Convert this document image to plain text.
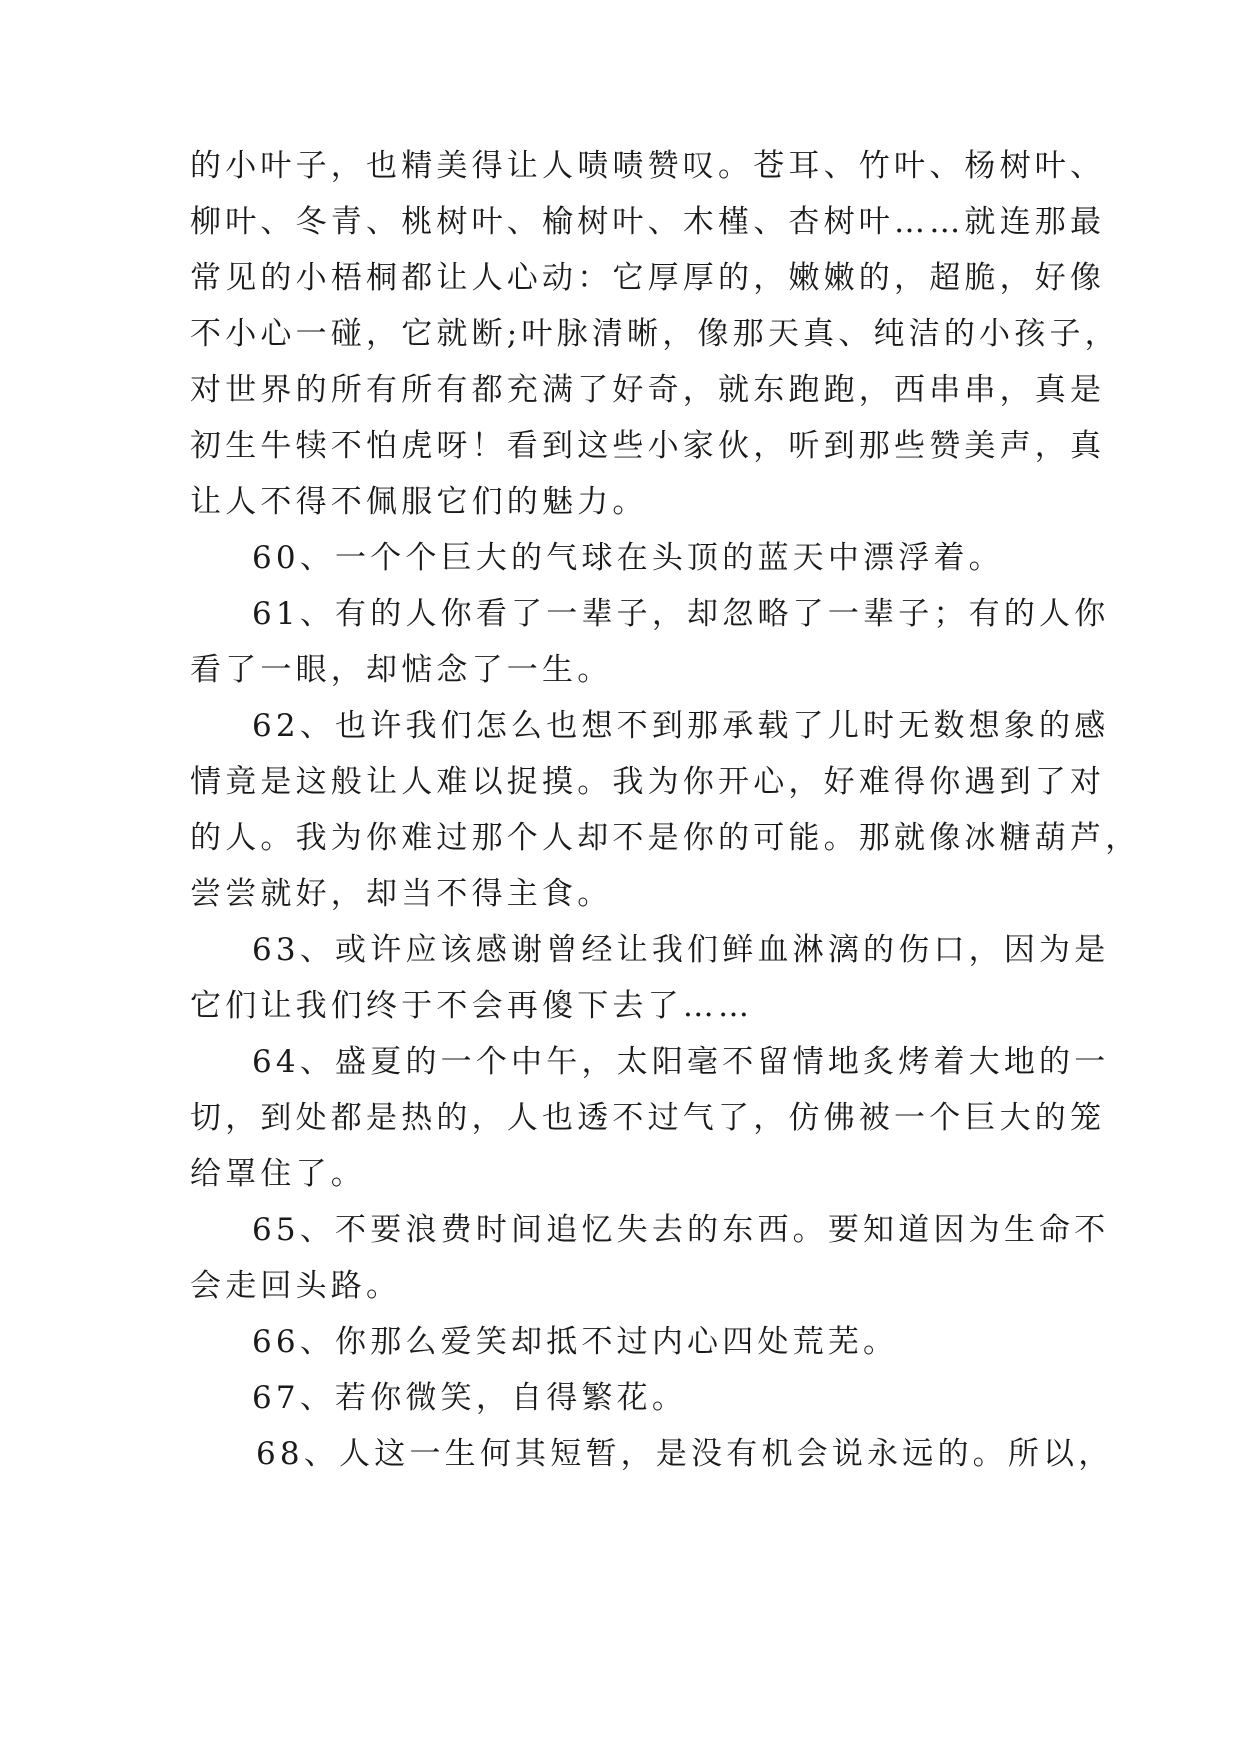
的小叶子，也精美得让人啧啧赞叹。苍耳、竹叶、杨树叶、
柳叶、冬青、桃树叶、榆树叶、木槿、杏树叶……就连那最
常见的小梧桐都让人心动：它厚厚的，嫩嫩的，超脆，好像
不小心一碰，它就断;叶脉清晰，像那天真、纯洁的小孩子，
对世界的所有所有都充满了好奇，就东跑跑，西串串，真是
初生牛犊不怕虎呀！看到这些小家伙，听到那些赞美声，真
让人不得不佩服它们的魅力。
60、一个个巨大的气球在头顶的蓝天中漂浮着。
61、有的人你看了一辈子，却忽略了一辈子；有的人你
看了一眼，却惦念了一生。
62、也许我们怎么也想不到那承载了儿时无数想象的感
情竟是这般让人难以捉摸。我为你开心，好难得你遇到了对
的人。我为你难过那个人却不是你的可能。那就像冰糖葫芦，
尝尝就好，却当不得主食。
63、或许应该感谢曾经让我们鲜血淋漓的伤口，因为是
它们让我们终于不会再傻下去了……
64、盛夏的一个中午，太阳毫不留情地炙烤着大地的一
切，到处都是热的，人也透不过气了，仿佛被一个巨大的笼
给罩住了。
65、不要浪费时间追忆失去的东西。要知道因为生命不
会走回头路。
66、你那么爱笑却抵不过内心四处荒芜。
67、若你微笑，自得繁花。
68、人这一生何其短暂，是没有机会说永远的。所以，
